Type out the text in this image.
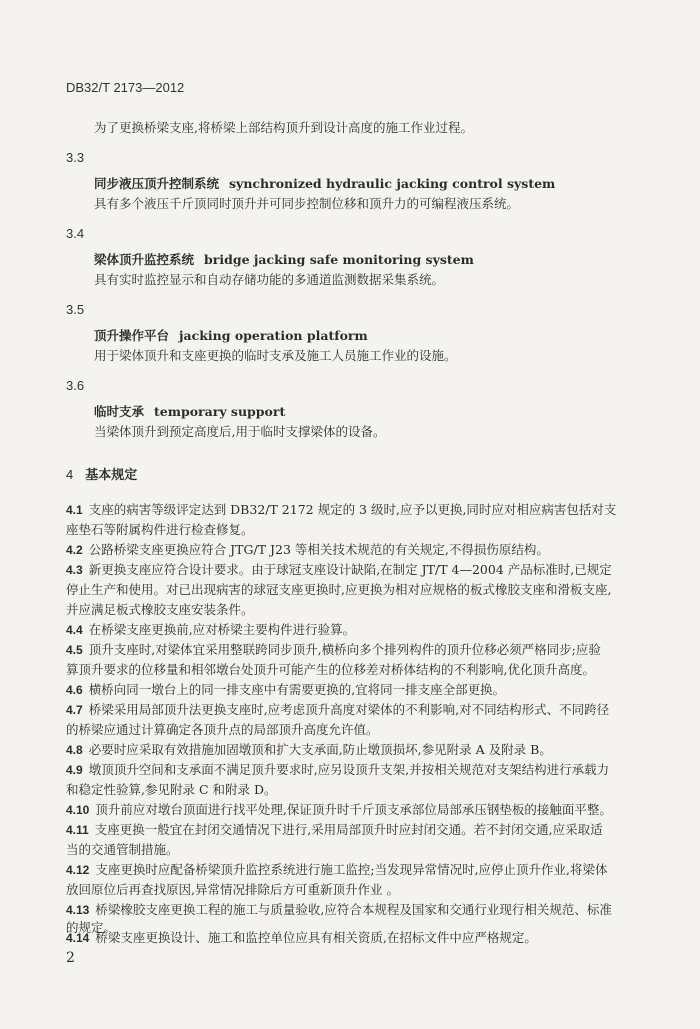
DB32/T 2173—2012
为了更换桥梁支座,将桥梁上部结构顶升到设计高度的施工作业过程。
3.3
同步液压顶升控制系统 synchronized hydraulic jacking control system
具有多个液压千斤顶同时顶升并可同步控制位移和顶升力的可编程液压系统。
3.4
梁体顶升监控系统 bridge jacking safe monitoring system
具有实时监控显示和自动存储功能的多通道监测数据采集系统。
3.5
顶升操作平台 jacking operation platform
用于梁体顶升和支座更换的临时支承及施工人员施工作业的设施。
3.6
临时支承 temporary support
当梁体顶升到预定高度后,用于临时支撑梁体的设备。
4 基本规定
4.1 支座的病害等级评定达到 DB32/T 2172 规定的 3 级时,应予以更换,同时应对相应病害包括对支
座垫石等附属构件进行检查修复。
4.2 公路桥梁支座更换应符合 JTG/T J23 等相关技术规范的有关规定,不得损伤原结构。
4.3 新更换支座应符合设计要求。由于球冠支座设计缺陷,在制定 JT/T 4—2004 产品标准时,已规定
停止生产和使用。对已出现病害的球冠支座更换时,应更换为相对应规格的板式橡胶支座和滑板支座,
并应满足板式橡胶支座安装条件。
4.4 在桥梁支座更换前,应对桥梁主要构件进行验算。
4.5 顶升支座时,对梁体宜采用整联跨同步顶升,横桥向多个排列构件的顶升位移必须严格同步;应验
算顶升要求的位移量和相邻墩台处顶升可能产生的位移差对桥体结构的不利影响,优化顶升高度。
4.6 横桥向同一墩台上的同一排支座中有需要更换的,宜将同一排支座全部更换。
4.7 桥梁采用局部顶升法更换支座时,应考虑顶升高度对梁体的不利影响,对不同结构形式、不同跨径
的桥梁应通过计算确定各顶升点的局部顶升高度允许值。
4.8 必要时应采取有效措施加固墩顶和扩大支承面,防止墩顶损坏,参见附录 A 及附录 B。
4.9 墩顶顶升空间和支承面不满足顶升要求时,应另设顶升支架,并按相关规范对支架结构进行承载力
和稳定性验算,参见附录 C 和附录 D。
4.10 顶升前应对墩台顶面进行找平处理,保证顶升时千斤顶支承部位局部承压钢垫板的接触面平整。
4.11 支座更换一般宜在封闭交通情况下进行,采用局部顶升时应封闭交通。若不封闭交通,应采取适
当的交通管制措施。
4.12 支座更换时应配备桥梁顶升监控系统进行施工监控;当发现异常情况时,应停止顶升作业,将梁体
放回原位后再查找原因,异常情况排除后方可重新顶升作业 。
4.13 桥梁橡胶支座更换工程的施工与质量验收,应符合本规程及国家和交通行业现行相关规范、标准
的规定。
4.14 桥梁支座更换设计、施工和监控单位应具有相关资质,在招标文件中应严格规定。
2
